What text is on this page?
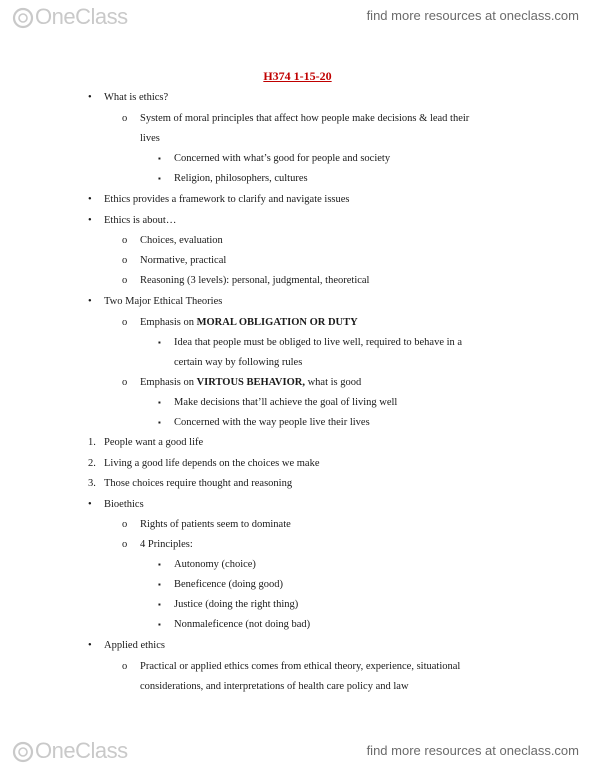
OneClass	find more resources at oneclass.com
H374 1-15-20
• What is ethics?
o System of moral principles that affect how people make decisions & lead their
lives
▪ Concerned with what’s good for people and society
▪ Religion, philosophers, cultures
• Ethics provides a framework to clarify and navigate issues
• Ethics is about…
o Choices, evaluation
o Normative, practical
o Reasoning (3 levels): personal, judgmental, theoretical
• Two Major Ethical Theories
o Emphasis on MORAL OBLIGATION OR DUTY
▪ Idea that people must be obliged to live well, required to behave in a
certain way by following rules
o Emphasis on VIRTOUS BEHAVIOR, what is good
▪ Make decisions that’ll achieve the goal of living well
▪ Concerned with the way people live their lives
1. People want a good life
2. Living a good life depends on the choices we make
3. Those choices require thought and reasoning
• Bioethics
o Rights of patients seem to dominate
o 4 Principles:
▪ Autonomy (choice)
▪ Beneficence (doing good)
▪ Justice (doing the right thing)
▪ Nonmaleficence (not doing bad)
• Applied ethics
o Practical or applied ethics comes from ethical theory, experience, situational
considerations, and interpretations of health care policy and law
OneClass	find more resources at oneclass.com
